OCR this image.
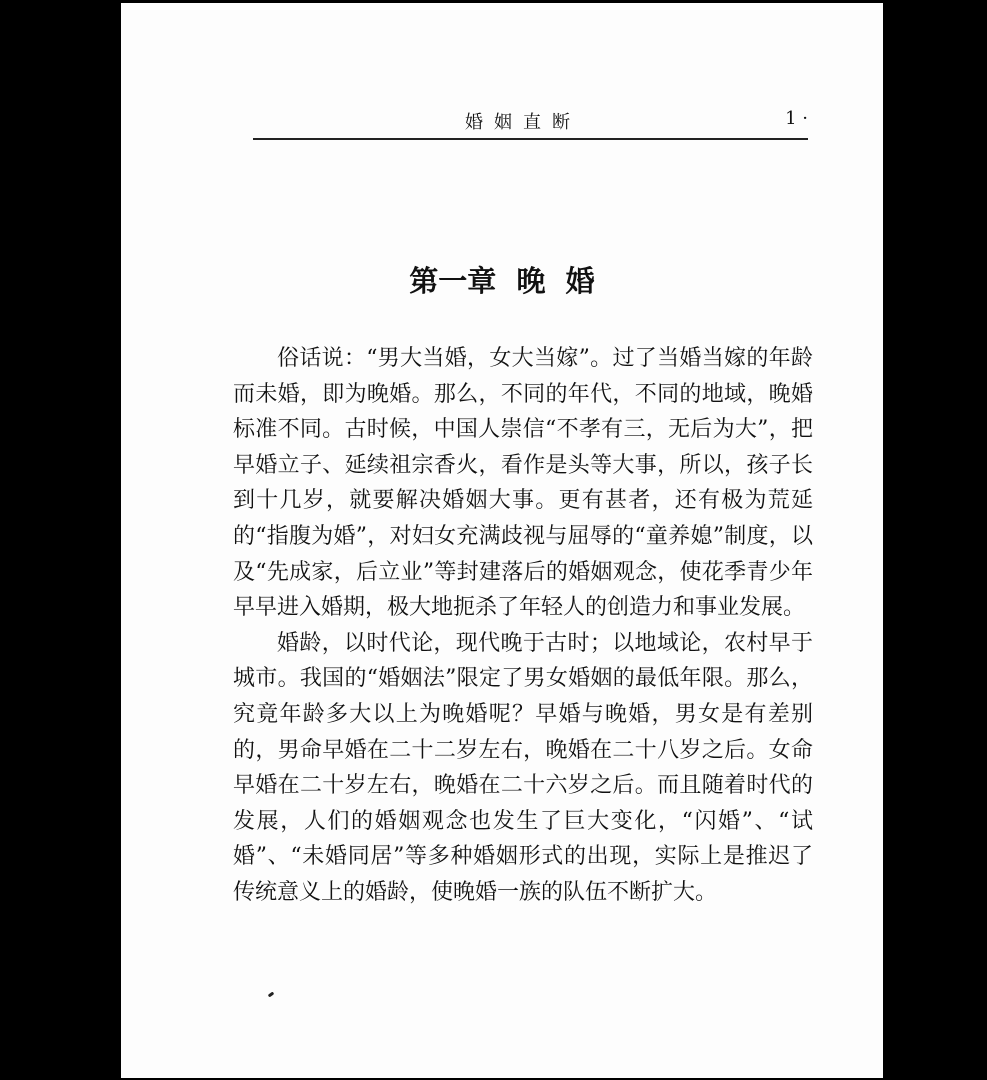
婚姻直断	1 ·
第一章  晚  婚

俗话说：“男大当婚，女大当嫁”。过了当婚当嫁的年龄而未婚，即为晚婚。那么，不同的年代，不同的地域，晚婚标准不同。古时候，中国人崇信“不孝有三，无后为大”，把早婚立子、延续祖宗香火，看作是头等大事，所以，孩子长到十几岁，就要解决婚姻大事。更有甚者，还有极为荒延的“指腹为婚”，对妇女充满歧视与屈辱的“童养媳”制度，以及“先成家，后立业”等封建落后的婚姻观念，使花季青少年早早进入婚期，极大地扼杀了年轻人的创造力和事业发展。

婚龄，以时代论，现代晚于古时；以地域论，农村早于城市。我国的“婚姻法”限定了男女婚姻的最低年限。那么，究竟年龄多大以上为晚婚呢？早婚与晚婚，男女是有差别的，男命早婚在二十二岁左右，晚婚在二十八岁之后。女命早婚在二十岁左右，晚婚在二十六岁之后。而且随着时代的发展，人们的婚姻观念也发生了巨大变化，“闪婚”、“试婚”、“未婚同居”等多种婚姻形式的出现，实际上是推迟了传统意义上的婚龄，使晚婚一族的队伍不断扩大。
